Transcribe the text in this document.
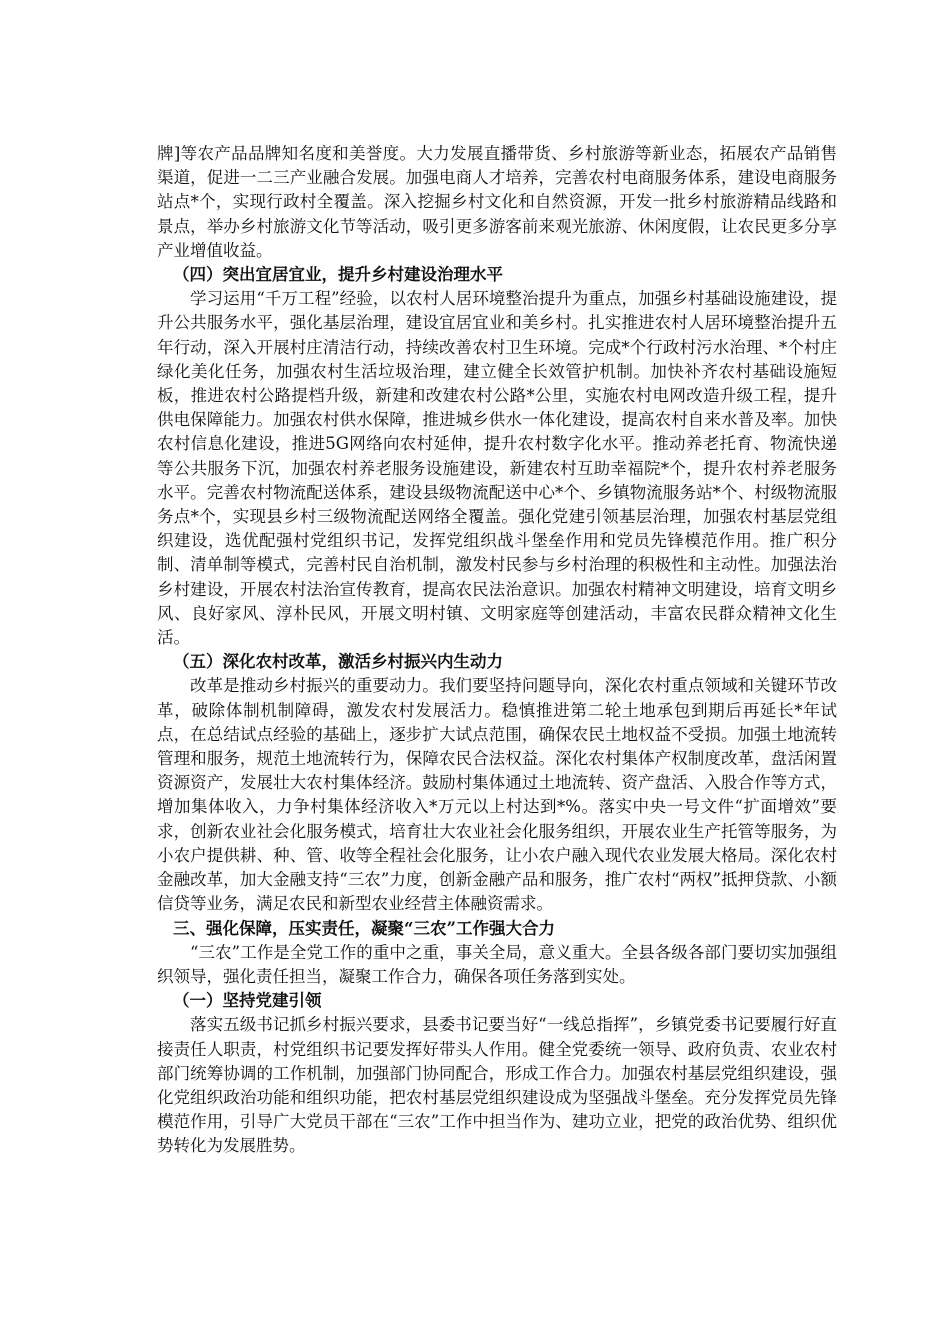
牌]等农产品品牌知名度和美誉度。大力发展直播带货、乡村旅游等新业态，拓展农产品销售渠道，促进一二三产业融合发展。加强电商人才培养，完善农村电商服务体系，建设电商服务站点*个，实现行政村全覆盖。深入挖掘乡村文化和自然资源，开发一批乡村旅游精品线路和景点，举办乡村旅游文化节等活动，吸引更多游客前来观光旅游、休闲度假，让农民更多分享产业增值收益。

（四）突出宜居宜业，提升乡村建设治理水平

学习运用“千万工程”经验，以农村人居环境整治提升为重点，加强乡村基础设施建设，提升公共服务水平，强化基层治理，建设宜居宜业和美乡村。扎实推进农村人居环境整治提升五年行动，深入开展村庄清洁行动，持续改善农村卫生环境。完成*个行政村污水治理、*个村庄绿化美化任务，加强农村生活垃圾治理，建立健全长效管护机制。加快补齐农村基础设施短板，推进农村公路提档升级，新建和改建农村公路*公里，实施农村电网改造升级工程，提升供电保障能力。加强农村供水保障，推进城乡供水一体化建设，提高农村自来水普及率。加快农村信息化建设，推进5G网络向农村延伸，提升农村数字化水平。推动养老托育、物流快递等公共服务下沉，加强农村养老服务设施建设，新建农村互助幸福院*个，提升农村养老服务水平。完善农村物流配送体系，建设县级物流配送中心*个、乡镇物流服务站*个、村级物流服务点*个，实现县乡村三级物流配送网络全覆盖。强化党建引领基层治理，加强农村基层党组织建设，选优配强村党组织书记，发挥党组织战斗堡垒作用和党员先锋模范作用。推广积分制、清单制等模式，完善村民自治机制，激发村民参与乡村治理的积极性和主动性。加强法治乡村建设，开展农村法治宣传教育，提高农民法治意识。加强农村精神文明建设，培育文明乡风、良好家风、淳朴民风，开展文明村镇、文明家庭等创建活动，丰富农民群众精神文化生活。

（五）深化农村改革，激活乡村振兴内生动力

改革是推动乡村振兴的重要动力。我们要坚持问题导向，深化农村重点领域和关键环节改革，破除体制机制障碍，激发农村发展活力。稳慎推进第二轮土地承包到期后再延长*年试点，在总结试点经验的基础上，逐步扩大试点范围，确保农民土地权益不受损。加强土地流转管理和服务，规范土地流转行为，保障农民合法权益。深化农村集体产权制度改革，盘活闲置资源资产，发展壮大农村集体经济。鼓励村集体通过土地流转、资产盘活、入股合作等方式，增加集体收入，力争村集体经济收入*万元以上村达到*%。落实中央一号文件“扩面增效”要求，创新农业社会化服务模式，培育壮大农业社会化服务组织，开展农业生产托管等服务，为小农户提供耕、种、管、收等全程社会化服务，让小农户融入现代农业发展大格局。深化农村金融改革，加大金融支持“三农”力度，创新金融产品和服务，推广农村“两权”抵押贷款、小额信贷等业务，满足农民和新型农业经营主体融资需求。

三、强化保障，压实责任，凝聚“三农”工作强大合力

“三农”工作是全党工作的重中之重，事关全局，意义重大。全县各级各部门要切实加强组织领导，强化责任担当，凝聚工作合力，确保各项任务落到实处。

（一）坚持党建引领

落实五级书记抓乡村振兴要求，县委书记要当好“一线总指挥”，乡镇党委书记要履行好直接责任人职责，村党组织书记要发挥好带头人作用。健全党委统一领导、政府负责、农业农村部门统筹协调的工作机制，加强部门协同配合，形成工作合力。加强农村基层党组织建设，强化党组织政治功能和组织功能，把农村基层党组织建设成为坚强战斗堡垒。充分发挥党员先锋模范作用，引导广大党员干部在“三农”工作中担当作为、建功立业，把党的政治优势、组织优势转化为发展胜势。
